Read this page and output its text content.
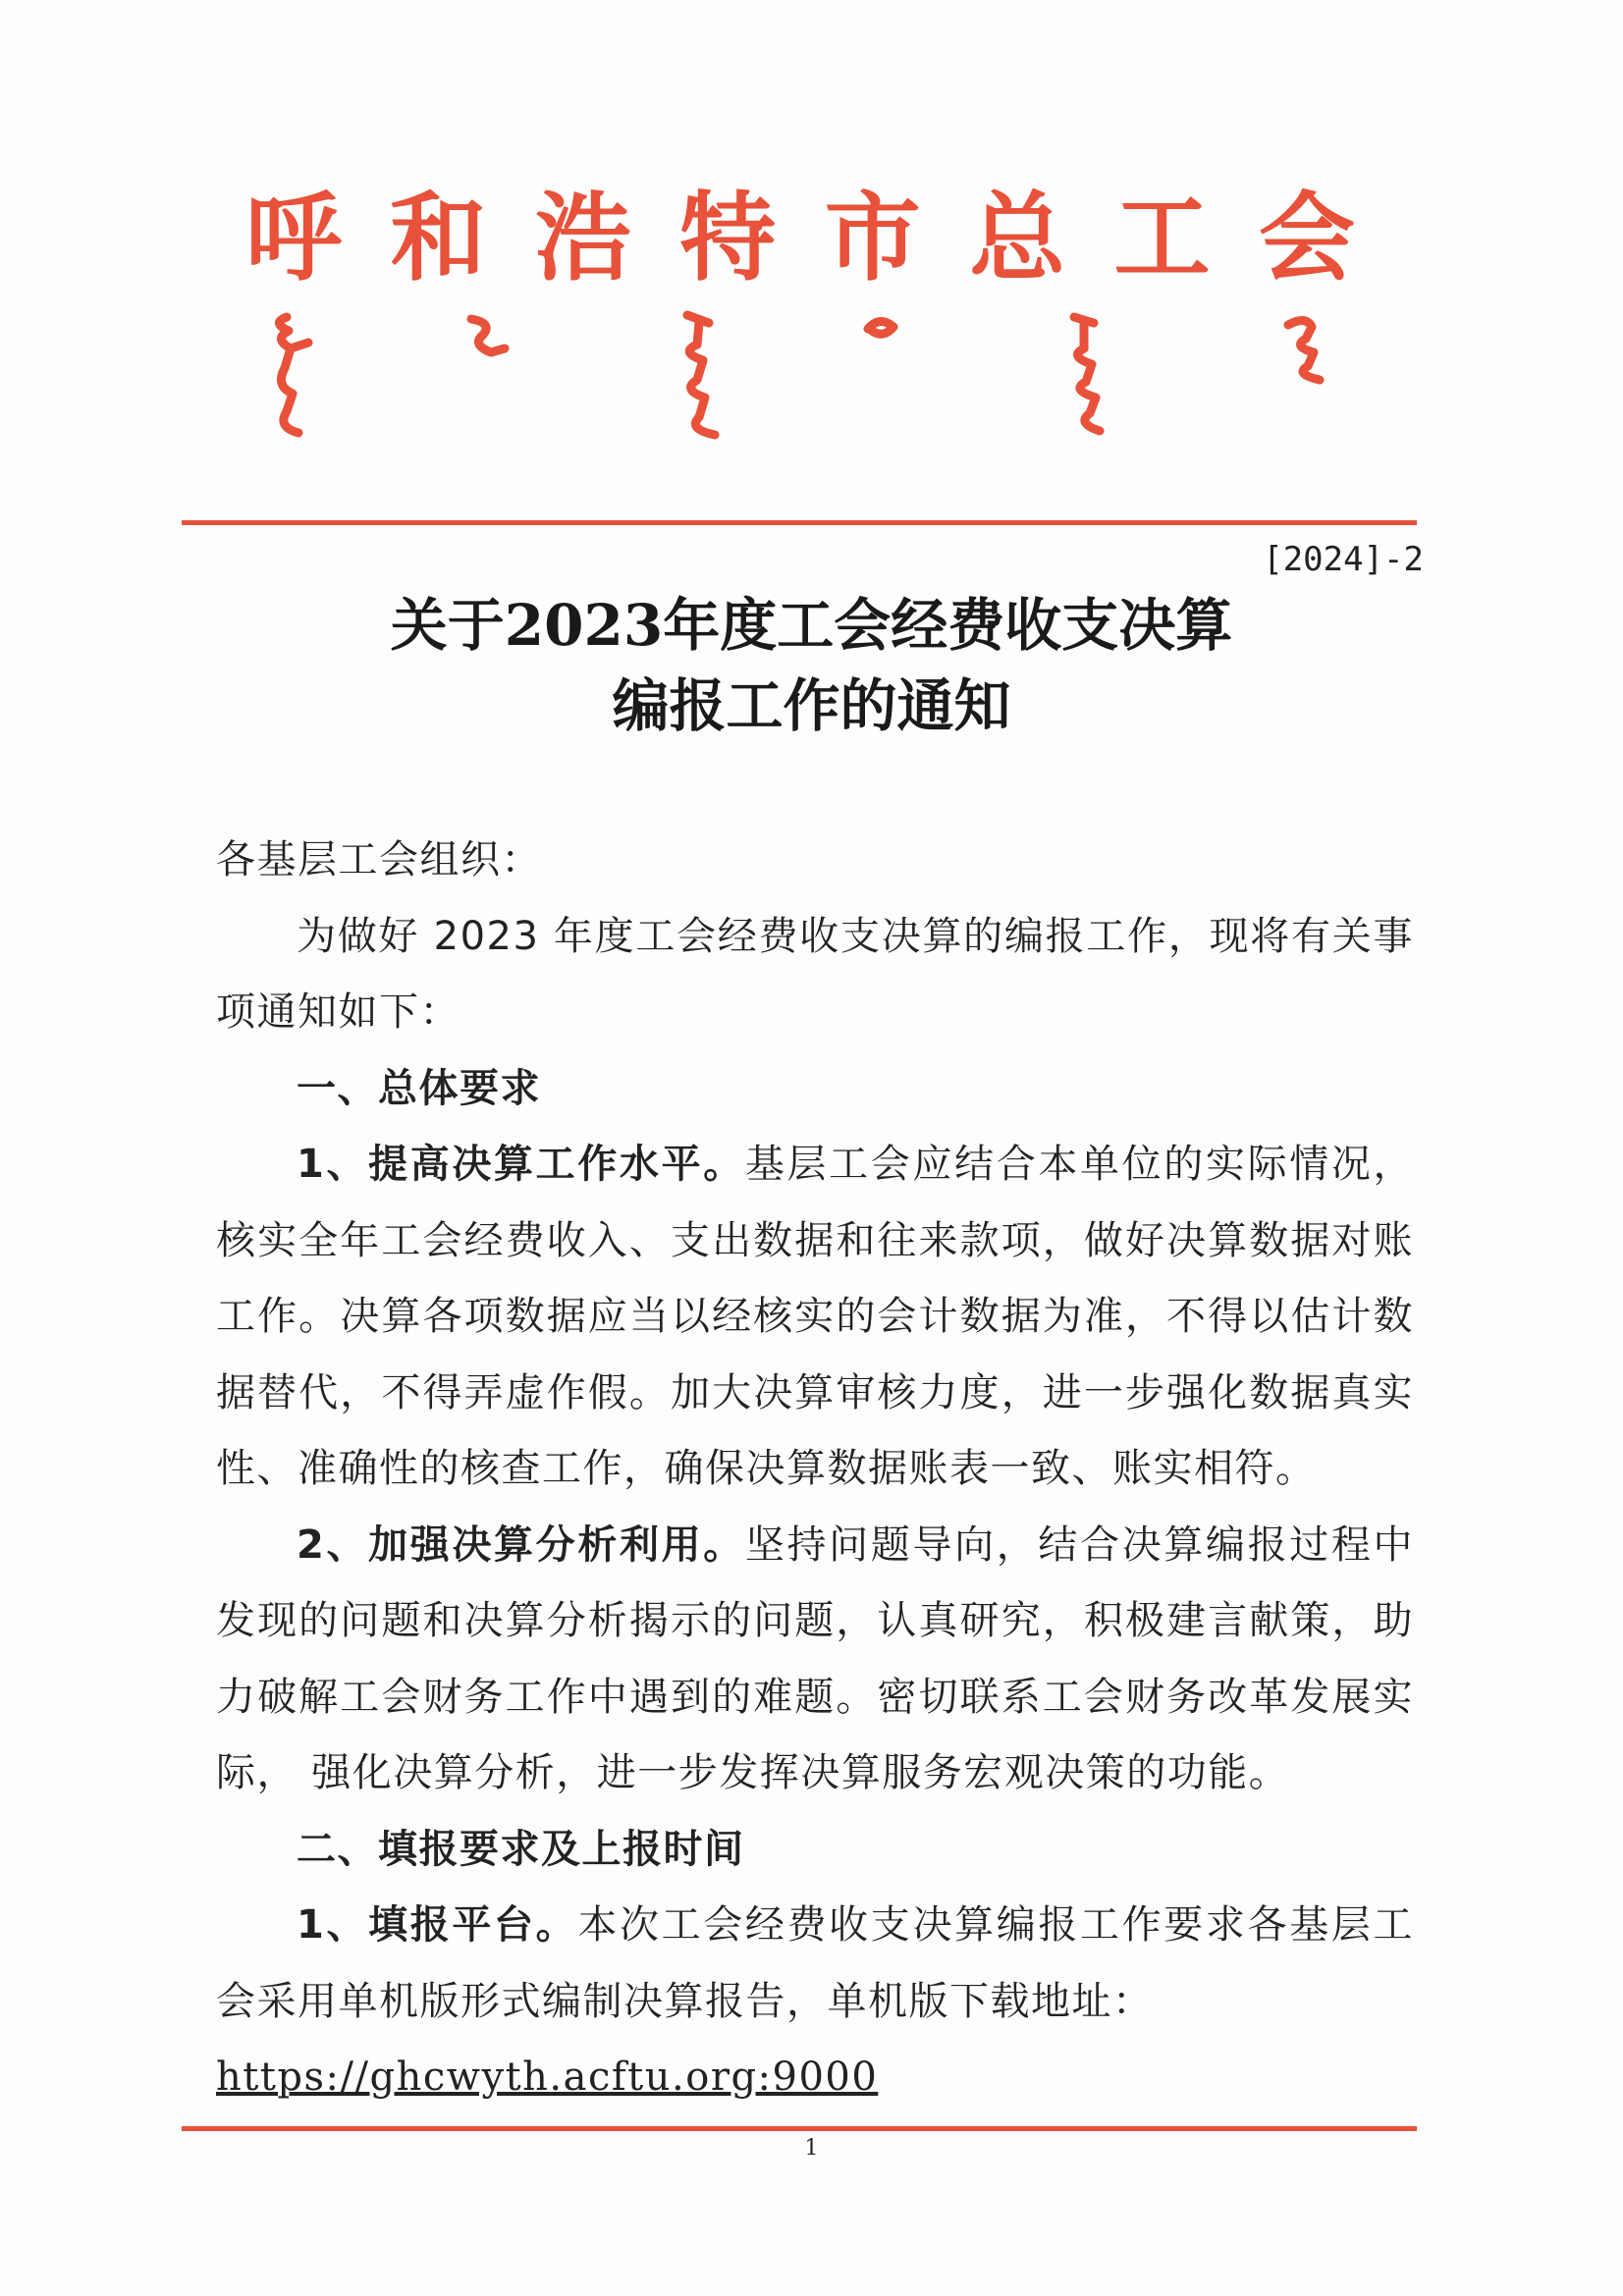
呼 和 浩 特 市 总 工 会
[2024]-2
关于2023年度工会经费收支决算
编报工作的通知

各基层工会组织：

为做好 2023 年度工会经费收支决算的编报工作，现将有关事项通知如下：

一、总体要求

1、提高决算工作水平。基层工会应结合本单位的实际情况，核实全年工会经费收入、支出数据和往来款项，做好决算数据对账工作。决算各项数据应当以经核实的会计数据为准，不得以估计数据替代，不得弄虚作假。加大决算审核力度，进一步强化数据真实性、准确性的核查工作，确保决算数据账表一致、账实相符。

2、加强决算分析利用。坚持问题导向，结合决算编报过程中发现的问题和决算分析揭示的问题，认真研究，积极建言献策，助力破解工会财务工作中遇到的难题。密切联系工会财务改革发展实际， 强化决算分析，进一步发挥决算服务宏观决策的功能。

二、填报要求及上报时间

1、填报平台。本次工会经费收支决算编报工作要求各基层工会采用单机版形式编制决算报告，单机版下载地址：

https://ghcwyth.acftu.org:9000

1
